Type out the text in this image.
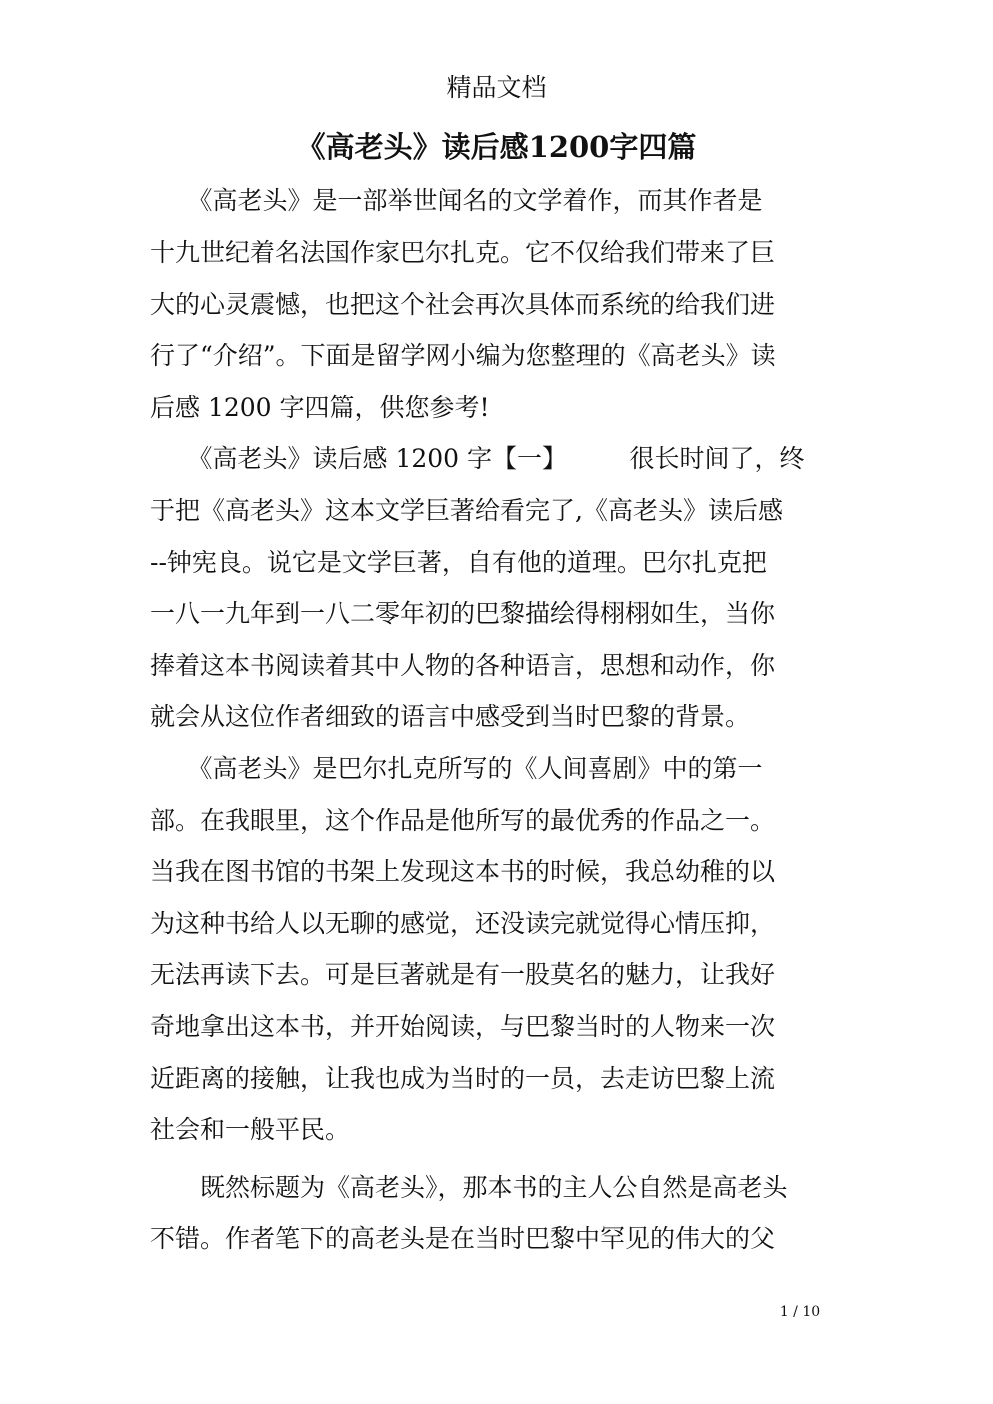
精品文档
《高老头》读后感1200字四篇
　　《高老头》是一部举世闻名的文学着作，而其作者是
十九世纪着名法国作家巴尔扎克。它不仅给我们带来了巨
大的心灵震憾，也把这个社会再次具体而系统的给我们进
行了“介绍”。下面是留学网小编为您整理的《高老头》读
后感 1200 字四篇，供您参考!
　　《高老头》读后感 1200 字【一】　　　很长时间了，终
于把《高老头》这本文学巨著给看完了,《高老头》读后感
--钟宪良。说它是文学巨著，自有他的道理。巴尔扎克把
一八一九年到一八二零年初的巴黎描绘得栩栩如生，当你
捧着这本书阅读着其中人物的各种语言，思想和动作，你
就会从这位作者细致的语言中感受到当时巴黎的背景。
　　《高老头》是巴尔扎克所写的《人间喜剧》中的第一
部。在我眼里，这个作品是他所写的最优秀的作品之一。
当我在图书馆的书架上发现这本书的时候，我总幼稚的以
为这种书给人以无聊的感觉，还没读完就觉得心情压抑，
无法再读下去。可是巨著就是有一股莫名的魅力，让我好
奇地拿出这本书，并开始阅读，与巴黎当时的人物来一次
近距离的接触，让我也成为当时的一员，去走访巴黎上流
社会和一般平民。
　　既然标题为《高老头》，那本书的主人公自然是高老头
不错。作者笔下的高老头是在当时巴黎中罕见的伟大的父
1 / 10
